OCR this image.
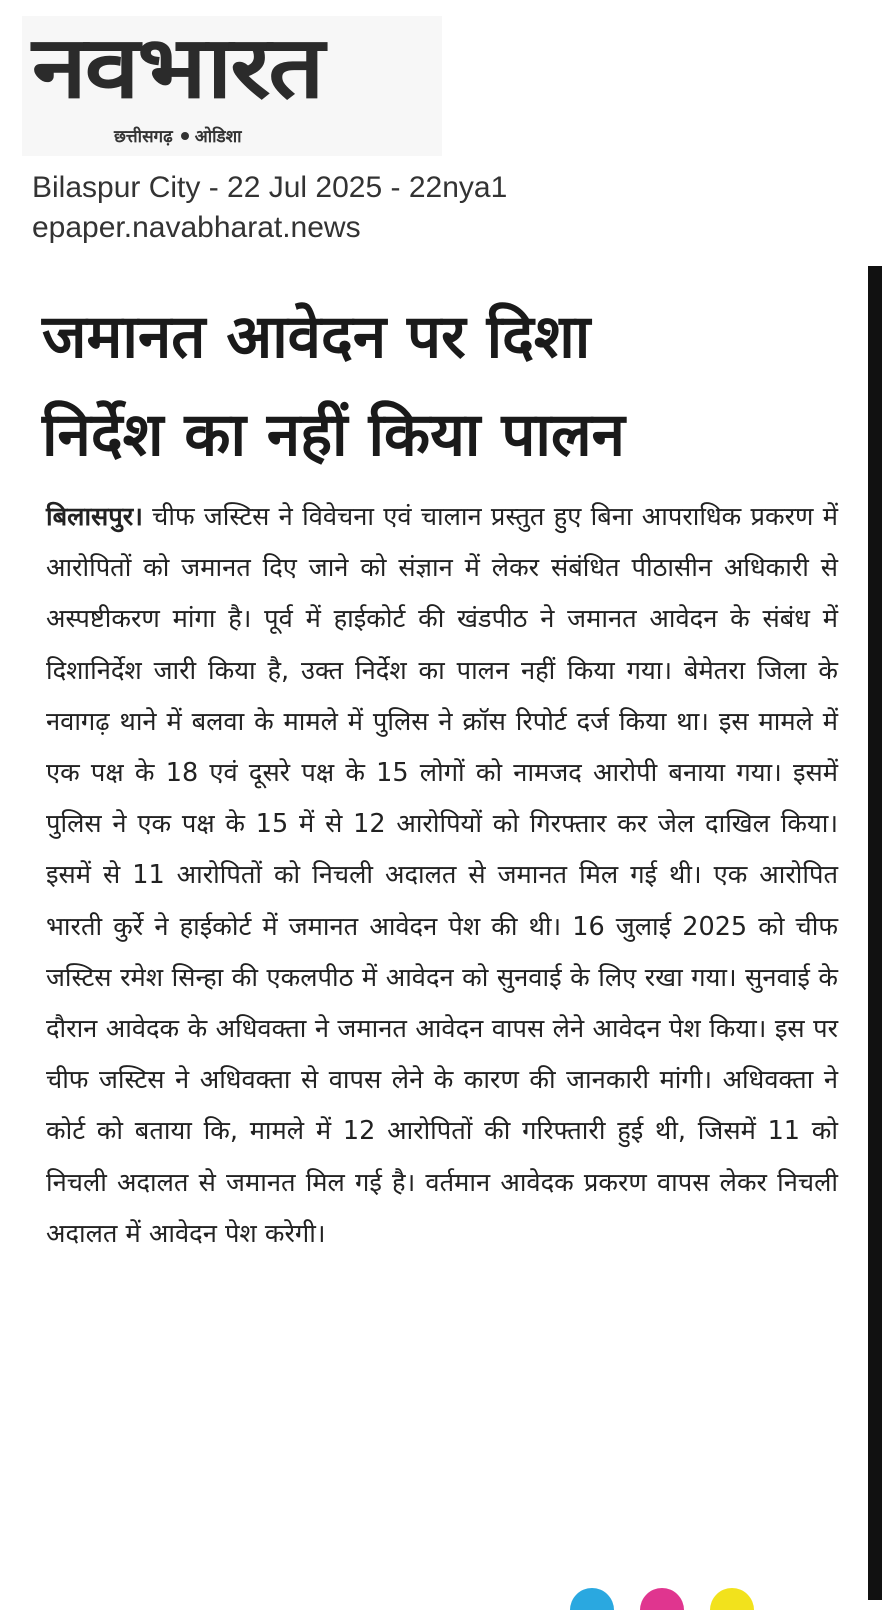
नवभारत
छत्तीसगढ़ ओडिशा
Bilaspur City - 22 Jul 2025 - 22nya1
epaper.navabharat.news
जमानत आवेदन पर दिशा
निर्देश का नहीं किया पालन
बिलासपुर। चीफ जस्टिस ने विवेचना एवं चालान प्रस्तुत हुए बिना आपराधिक प्रकरण में आरोपितों को जमानत दिए जाने को संज्ञान में लेकर संबंधित पीठासीन अधिकारी से अस्पष्टीकरण मांगा है। पूर्व में हाईकोर्ट की खंडपीठ ने जमानत आवेदन के संबंध में दिशानिर्देश जारी किया है, उक्त निर्देश का पालन नहीं किया गया। बेमेतरा जिला के नवागढ़ थाने में बलवा के मामले में पुलिस ने क्रॉस रिपोर्ट दर्ज किया था। इस मामले में एक पक्ष के 18 एवं दूसरे पक्ष के 15 लोगों को नामजद आरोपी बनाया गया। इसमें पुलिस ने एक पक्ष के 15 में से 12 आरोपियों को गिरफ्तार कर जेल दाखिल किया। इसमें से 11 आरोपितों को निचली अदालत से जमानत मिल गई थी। एक आरोपित भारती कुर्रे ने हाईकोर्ट में जमानत आवेदन पेश की थी। 16 जुलाई 2025 को चीफ जस्टिस रमेश सिन्हा की एकलपीठ में आवेदन को सुनवाई के लिए रखा गया। सुनवाई के दौरान आवेदक के अधिवक्ता ने जमानत आवेदन वापस लेने आवेदन पेश किया। इस पर चीफ जस्टिस ने अधिवक्ता से वापस लेने के कारण की जानकारी मांगी। अधिवक्ता ने कोर्ट को बताया कि, मामले में 12 आरोपितों की गरिफ्तारी हुई थी, जिसमें 11 को निचली अदालत से जमानत मिल गई है। वर्तमान आवेदक प्रकरण वापस लेकर निचली अदालत में आवेदन पेश करेगी।
